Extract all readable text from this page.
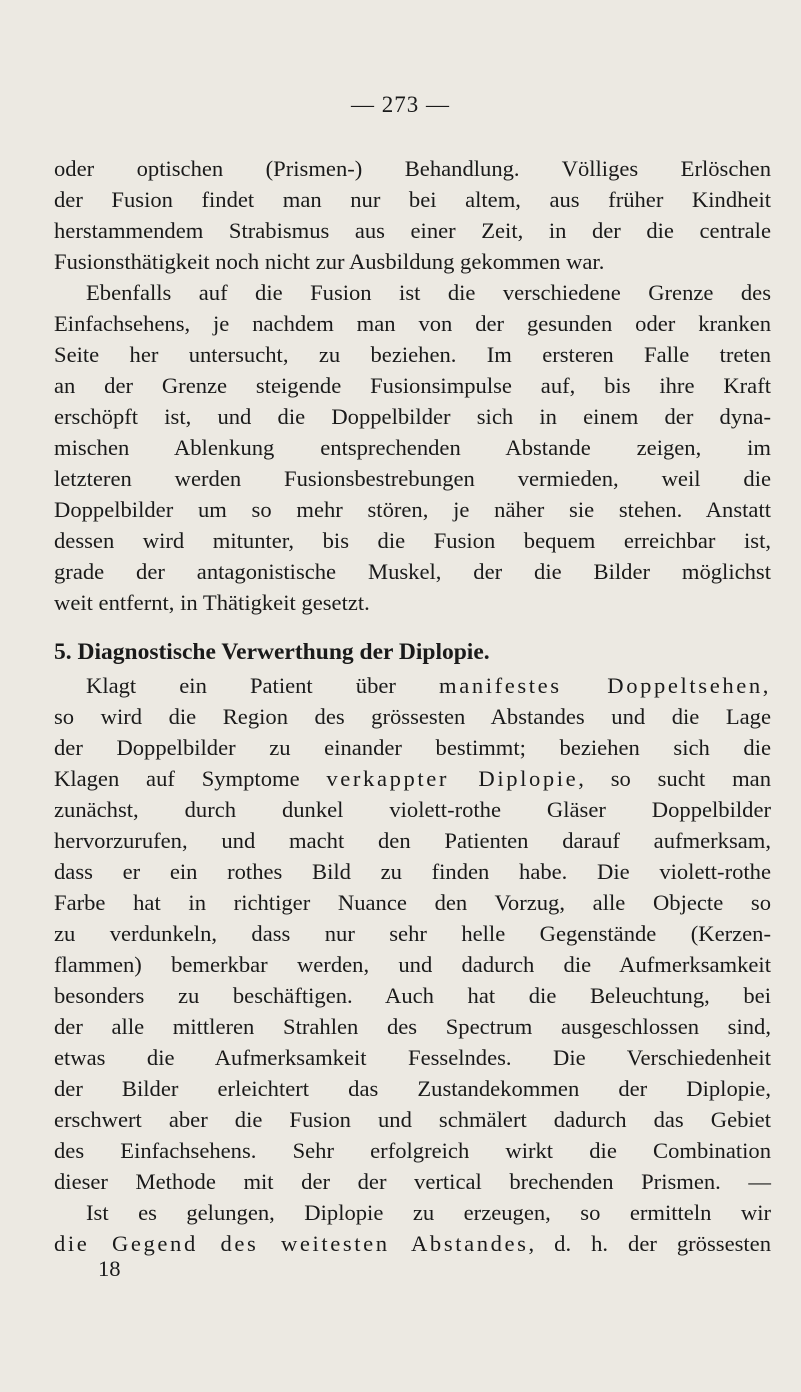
— 273 —
oder optischen (Prismen-) Behandlung. Völliges Erlöschen
der Fusion findet man nur bei altem, aus früher Kindheit
herstammendem Strabismus aus einer Zeit, in der die centrale
Fusionsthätigkeit noch nicht zur Ausbildung gekommen war.
Ebenfalls auf die Fusion ist die verschiedene Grenze des
Einfachsehens, je nachdem man von der gesunden oder kranken
Seite her untersucht, zu beziehen. Im ersteren Falle treten
an der Grenze steigende Fusionsimpulse auf, bis ihre Kraft
erschöpft ist, und die Doppelbilder sich in einem der dyna-
mischen Ablenkung entsprechenden Abstande zeigen, im
letzteren werden Fusionsbestrebungen vermieden, weil die
Doppelbilder um so mehr stören, je näher sie stehen. Anstatt
dessen wird mitunter, bis die Fusion bequem erreichbar ist,
grade der antagonistische Muskel, der die Bilder möglichst
weit entfernt, in Thätigkeit gesetzt.
5. Diagnostische Verwerthung der Diplopie.
Klagt ein Patient über manifestes Doppeltsehen,
so wird die Region des grössesten Abstandes und die Lage
der Doppelbilder zu einander bestimmt; beziehen sich die
Klagen auf Symptome verkappter Diplopie, so sucht man
zunächst, durch dunkel violett-rothe Gläser Doppelbilder
hervorzurufen, und macht den Patienten darauf aufmerksam,
dass er ein rothes Bild zu finden habe. Die violett-rothe
Farbe hat in richtiger Nuance den Vorzug, alle Objecte so
zu verdunkeln, dass nur sehr helle Gegenstände (Kerzen-
flammen) bemerkbar werden, und dadurch die Aufmerksamkeit
besonders zu beschäftigen. Auch hat die Beleuchtung, bei
der alle mittleren Strahlen des Spectrum ausgeschlossen sind,
etwas die Aufmerksamkeit Fesselndes. Die Verschiedenheit
der Bilder erleichtert das Zustandekommen der Diplopie,
erschwert aber die Fusion und schmälert dadurch das Gebiet
des Einfachsehens. Sehr erfolgreich wirkt die Combination
dieser Methode mit der der vertical brechenden Prismen. —
Ist es gelungen, Diplopie zu erzeugen, so ermitteln wir
die Gegend des weitesten Abstandes, d. h. der grössesten
18
